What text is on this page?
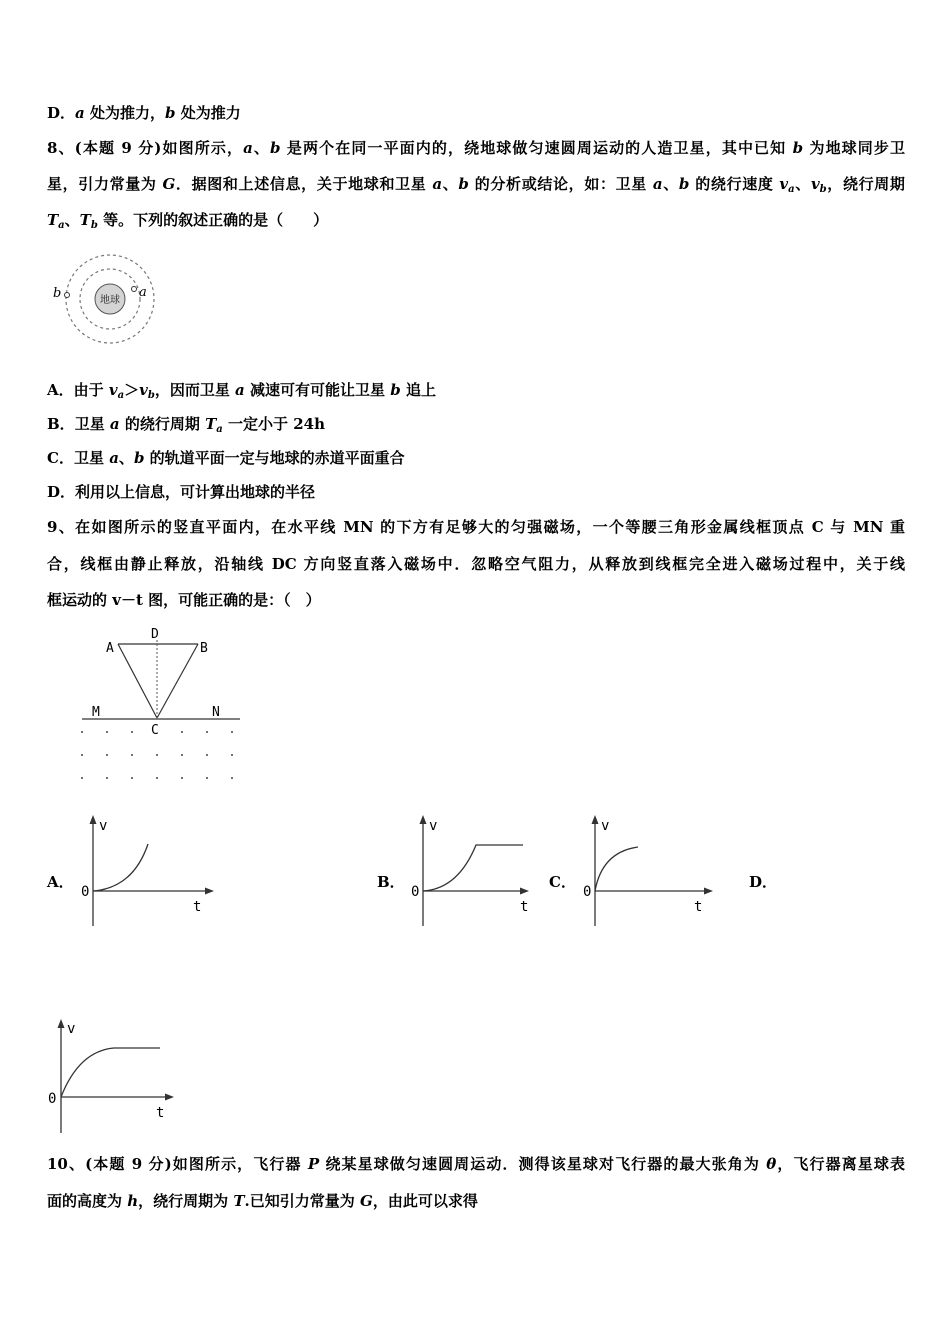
D．a 处为推力，b 处为推力
8、(本题 9 分)如图所示，a、b 是两个在同一平面内的，绕地球做匀速圆周运动的人造卫星，其中已知 b 为地球同步卫
星，引力常量为 G．据图和上述信息，关于地球和卫星 a、b 的分析或结论，如：卫星 a、b 的绕行速度 $v_a$、$v_b$，绕行周期
$T_a$、$T_b$ 等。下列的叙述正确的是（　　）
地球
b	a
A．由于 $v_a>v_b$，因而卫星 a 减速可有可能让卫星 b 追上
B．卫星 a 的绕行周期 $T_a$ 一定小于 24h
C．卫星 a、b 的轨道平面一定与地球的赤道平面重合
D．利用以上信息，可计算出地球的半径
9、在如图所示的竖直平面内，在水平线 MN 的下方有足够大的匀强磁场，一个等腰三角形金属线框顶点 C 与 MN 重
合，线框由静止释放，沿轴线 DC 方向竖直落入磁场中．忽略空气阻力，从释放到线框完全进入磁场过程中，关于线
框运动的 v－t 图，可能正确的是：（　）
D
A	B
M	N
C
A．	B．	C．	D．
v
t
0
v
t
0
v
t
0
v
t
0
10、(本题 9 分)如图所示，飞行器 P 绕某星球做匀速圆周运动．测得该星球对飞行器的最大张角为 θ，飞行器离星球表
面的高度为 h，绕行周期为 T.已知引力常量为 G，由此可以求得
